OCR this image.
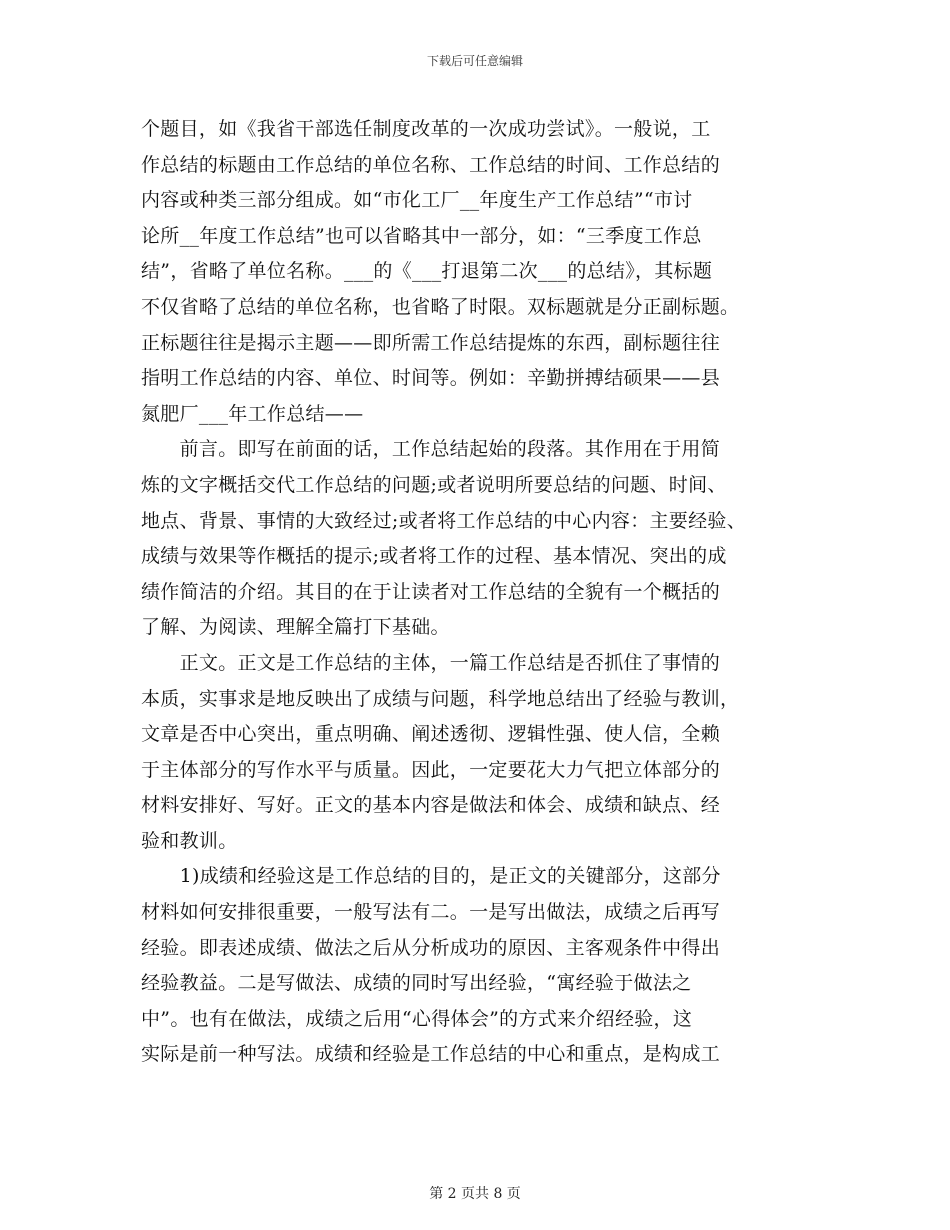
下载后可任意编辑
个题目，如《我省干部选任制度改革的一次成功尝试》。一般说，工
作总结的标题由工作总结的单位名称、工作总结的时间、工作总结的
内容或种类三部分组成。如“市化工厂__年度生产工作总结”“市讨
论所__年度工作总结”也可以省略其中一部分，如：“三季度工作总
结”，省略了单位名称。___的《___打退第二次___的总结》，其标题
不仅省略了总结的单位名称，也省略了时限。双标题就是分正副标题。
正标题往往是揭示主题——即所需工作总结提炼的东西，副标题往往
指明工作总结的内容、单位、时间等。例如：辛勤拼搏结硕果——县
氮肥厂___年工作总结——
　　前言。即写在前面的话，工作总结起始的段落。其作用在于用简
炼的文字概括交代工作总结的问题;或者说明所要总结的问题、时间、
地点、背景、事情的大致经过;或者将工作总结的中心内容：主要经验、
成绩与效果等作概括的提示;或者将工作的过程、基本情况、突出的成
绩作简洁的介绍。其目的在于让读者对工作总结的全貌有一个概括的
了解、为阅读、理解全篇打下基础。
　　正文。正文是工作总结的主体，一篇工作总结是否抓住了事情的
本质，实事求是地反映出了成绩与问题，科学地总结出了经验与教训，
文章是否中心突出，重点明确、阐述透彻、逻辑性强、使人信，全赖
于主体部分的写作水平与质量。因此，一定要花大力气把立体部分的
材料安排好、写好。正文的基本内容是做法和体会、成绩和缺点、经
验和教训。
　　1)成绩和经验这是工作总结的目的，是正文的关键部分，这部分
材料如何安排很重要，一般写法有二。一是写出做法，成绩之后再写
经验。即表述成绩、做法之后从分析成功的原因、主客观条件中得出
经验教益。二是写做法、成绩的同时写出经验，“寓经验于做法之
中”。也有在做法，成绩之后用“心得体会”的方式来介绍经验，这
实际是前一种写法。成绩和经验是工作总结的中心和重点，是构成工
第 2 页共 8 页
